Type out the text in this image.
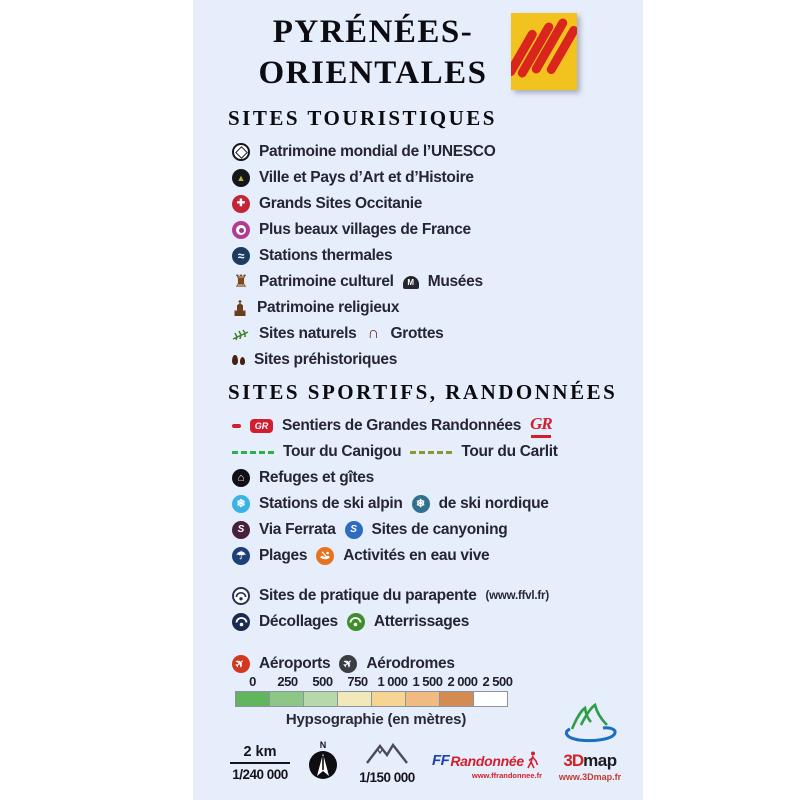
PYRÉNÉES-
ORIENTALES
SITES TOURISTIQUES
Patrimoine mondial de l’UNESCO
▲ Ville et Pays d’Art et d’Histoire
✚ Grands Sites Occitanie
Plus beaux villages de France
≈ Stations thermales
♜ Patrimoine culturel M Musées
Patrimoine religieux
Sites naturels ∩ Grottes
Sites préhistoriques
SITES SPORTIFS, RANDONNÉES
GR Sentiers de Grandes Randonnées GR
Tour du Canigou	Tour du Carlit
⌂ Refuges et gîtes
❄ Stations de ski alpin ❄ de ski nordique
S Via Ferrata S Sites de canyoning
☂ Plages Activités en eau vive
Sites de pratique du parapente (www.ffvl.fr)
Décollages Atterrissages
✈ Aéroports ✈ Aérodromes
0	250	500	750 1 000 1 500 2 000 2 500
Hypsographie (en mètres)
2 km
1/240 000
N
1/150 000
FF Randonnée
www.ffrandonnee.fr
3Dmap
www.3Dmap.fr
